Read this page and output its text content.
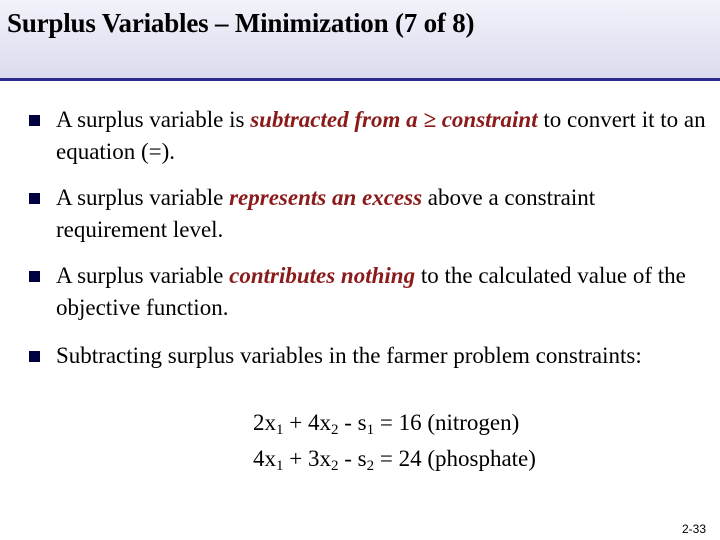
Surplus Variables – Minimization (7 of 8)
A surplus variable is subtracted from a ≥ constraint to convert it to an equation (=).
A surplus variable represents an excess above a constraint requirement level.
A surplus variable contributes nothing to the calculated value of the objective function.
Subtracting surplus variables in the farmer problem constraints:
$2x_1 + 4x_2 - s_1 = 16$ (nitrogen)
$4x_1 + 3x_2 - s_2 = 24$ (phosphate)
2-33
